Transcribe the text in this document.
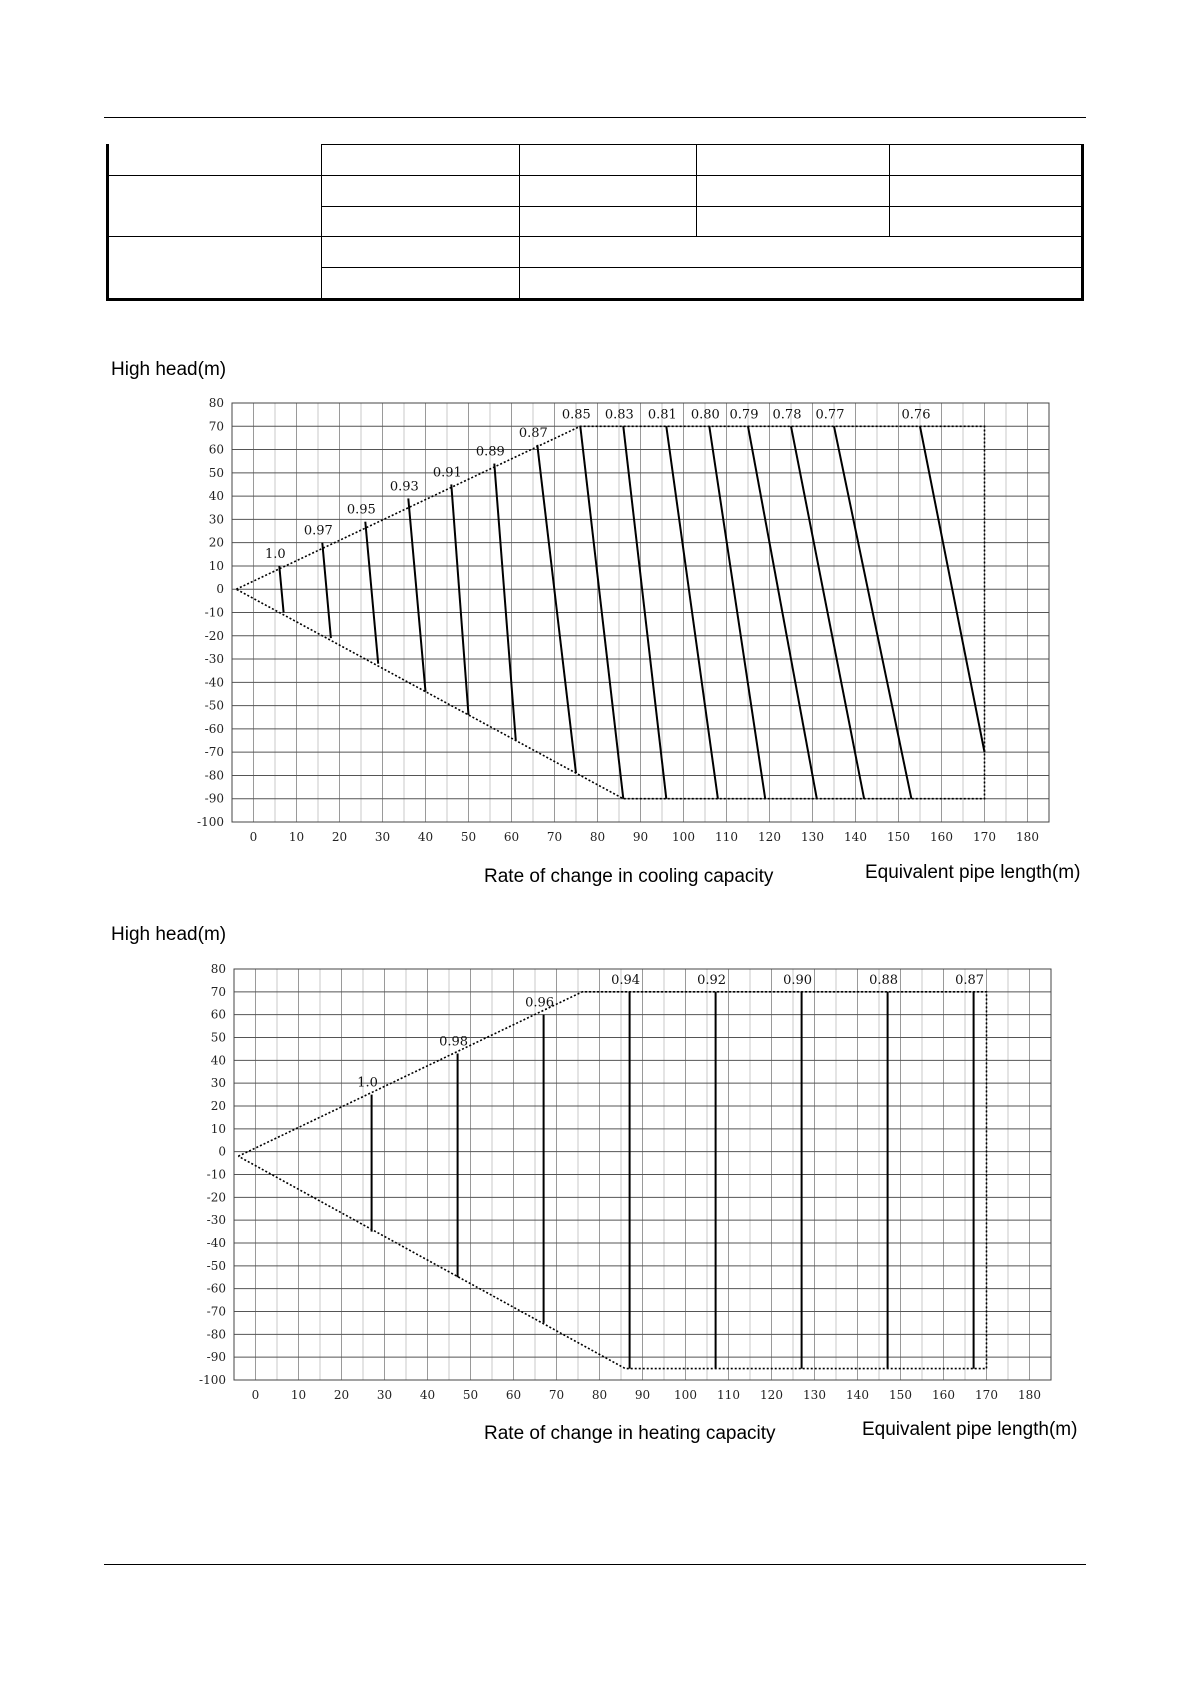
High head(m)
High head(m)
80
70
60
50
40
30
20
10
0
-10
-20
-30
-40
-50
-60
-70
-80
-90
-100
0	10 20 30 40 50 60 70 80 90 100 110 120 130 140 150 160 170 180
1.0
0.97
0.95
0.93
0.91
0.89
0.87
0.85 0.83 0.81 0.80 0.79 0.78 0.77	0.76
80
70
60
50
40
30
20
10
0
-10
-20
-30
-40
-50
-60
-70
-80
-90
-100
0	10 20 30 40 50 60 70 80 90 100 110 120 130 140 150 160 170 180
1.0
0.98
0.96
0.94	0.92	0.90	0.88	0.87
Rate of change in cooling capacity	Equivalent pipe length(m)
Rate of change in heating capacity	Equivalent pipe length(m)
